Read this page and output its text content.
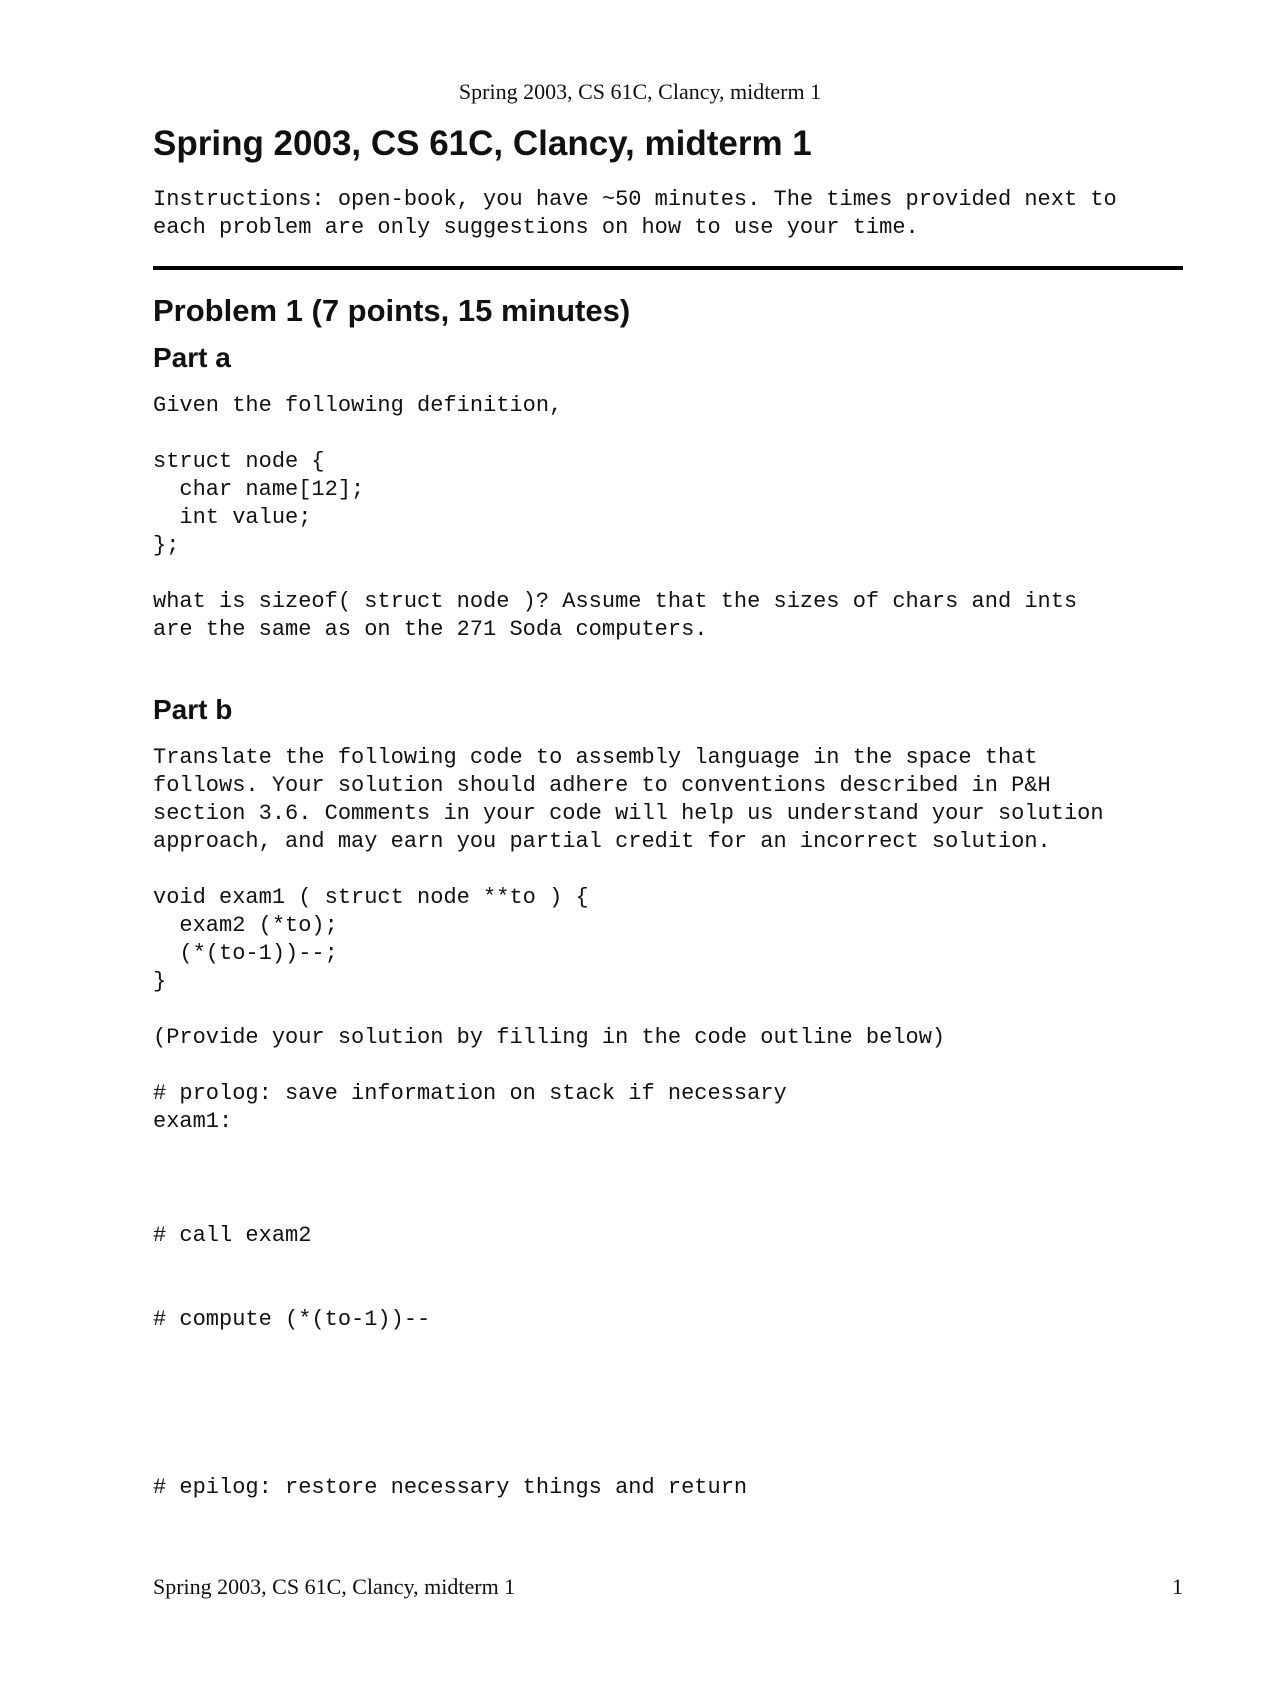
Spring 2003, CS 61C, Clancy, midterm 1
Spring 2003, CS 61C, Clancy, midterm 1

Instructions: open-book, you have ~50 minutes. The times provided next to
each problem are only suggestions on how to use your time.

Problem 1 (7 points, 15 minutes)
Part a

Given the following definition,

struct node {
char name[12];
int value;
};

what is sizeof( struct node )? Assume that the sizes of chars and ints
are the same as on the 271 Soda computers.

Part b

Translate the following code to assembly language in the space that
follows. Your solution should adhere to conventions described in P&H
section 3.6. Comments in your code will help us understand your solution
approach, and may earn you partial credit for an incorrect solution.

void exam1 ( struct node **to ) {
exam2 (*to);
(*(to-1))--;
}

(Provide your solution by filling in the code outline below)

# prolog: save information on stack if necessary
exam1:
# call exam2
# compute (*(to-1))--
# epilog: restore necessary things and return
Spring 2003, CS 61C, Clancy, midterm 1	1
